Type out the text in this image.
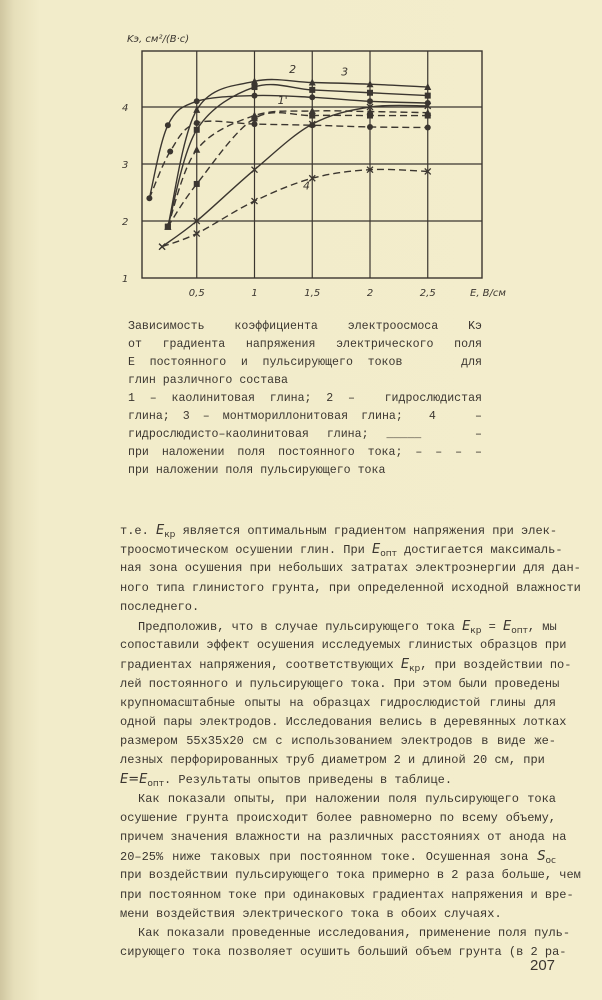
0,5	1	1,5	2	2,5
1
2
3
4
Kэ, см²/(В·с)
E, В/см
2	3
1'
4
Зависимость коэффициента электроосмоса Kэ
от градиента напряжения электрического поля
E постоянного и пульсирующего токов    для
глин различного состава
1 – каолинитовая глина; 2 –  гидрослюдистая
глина; 3 – монтмориллонитовая глина;  4   –
гидрослюдисто–каолинитовая глина; _____   –
при наложении поля постоянного тока; – – – –
при наложении поля пульсирующего тока
т.е. $E_{кр}$ является оптимальным градиентом напряжения при элек-
троосмотическом осушении глин. При $E_{опт}$ достигается максималь-
ная зона осушения при небольших затратах электроэнергии для дан-
ного типа глинистого грунта, при определенной исходной влажности
последнего.
Предположив, что в случае пульсирующего тока $E_{кр} = E_{опт}$, мы
сопоставили эффект осушения исследуемых глинистых образцов при
градиентах напряжения, соответствующих $E_{кр}$, при воздействии по-
лей постоянного и пульсирующего тока. При этом были проведены
крупномасштабные опыты на образцах гидрослюдистой глины для
одной пары электродов. Исследования велись в деревянных лотках
размером 55x35x20 см с использованием электродов в виде же-
лезных перфорированных труб диаметром 2 и длиной 20 см, при
$E=E_{опт}$. Результаты опытов приведены в таблице.
Как показали опыты, при наложении поля пульсирующего тока
осушение грунта происходит более равномерно по всему объему,
причем значения влажности на различных расстояниях от анода на
20–25% ниже таковых при постоянном токе. Осушенная зона $S_{ос}$
при воздействии пульсирующего тока примерно в 2 раза больше, чем
при постоянном токе при одинаковых градиентах напряжения и вре-
мени воздействия электрического тока в обоих случаях.
Как показали проведенные исследования, применение поля пуль-
сирующего тока позволяет осушить больший объем грунта (в 2 ра-
207
